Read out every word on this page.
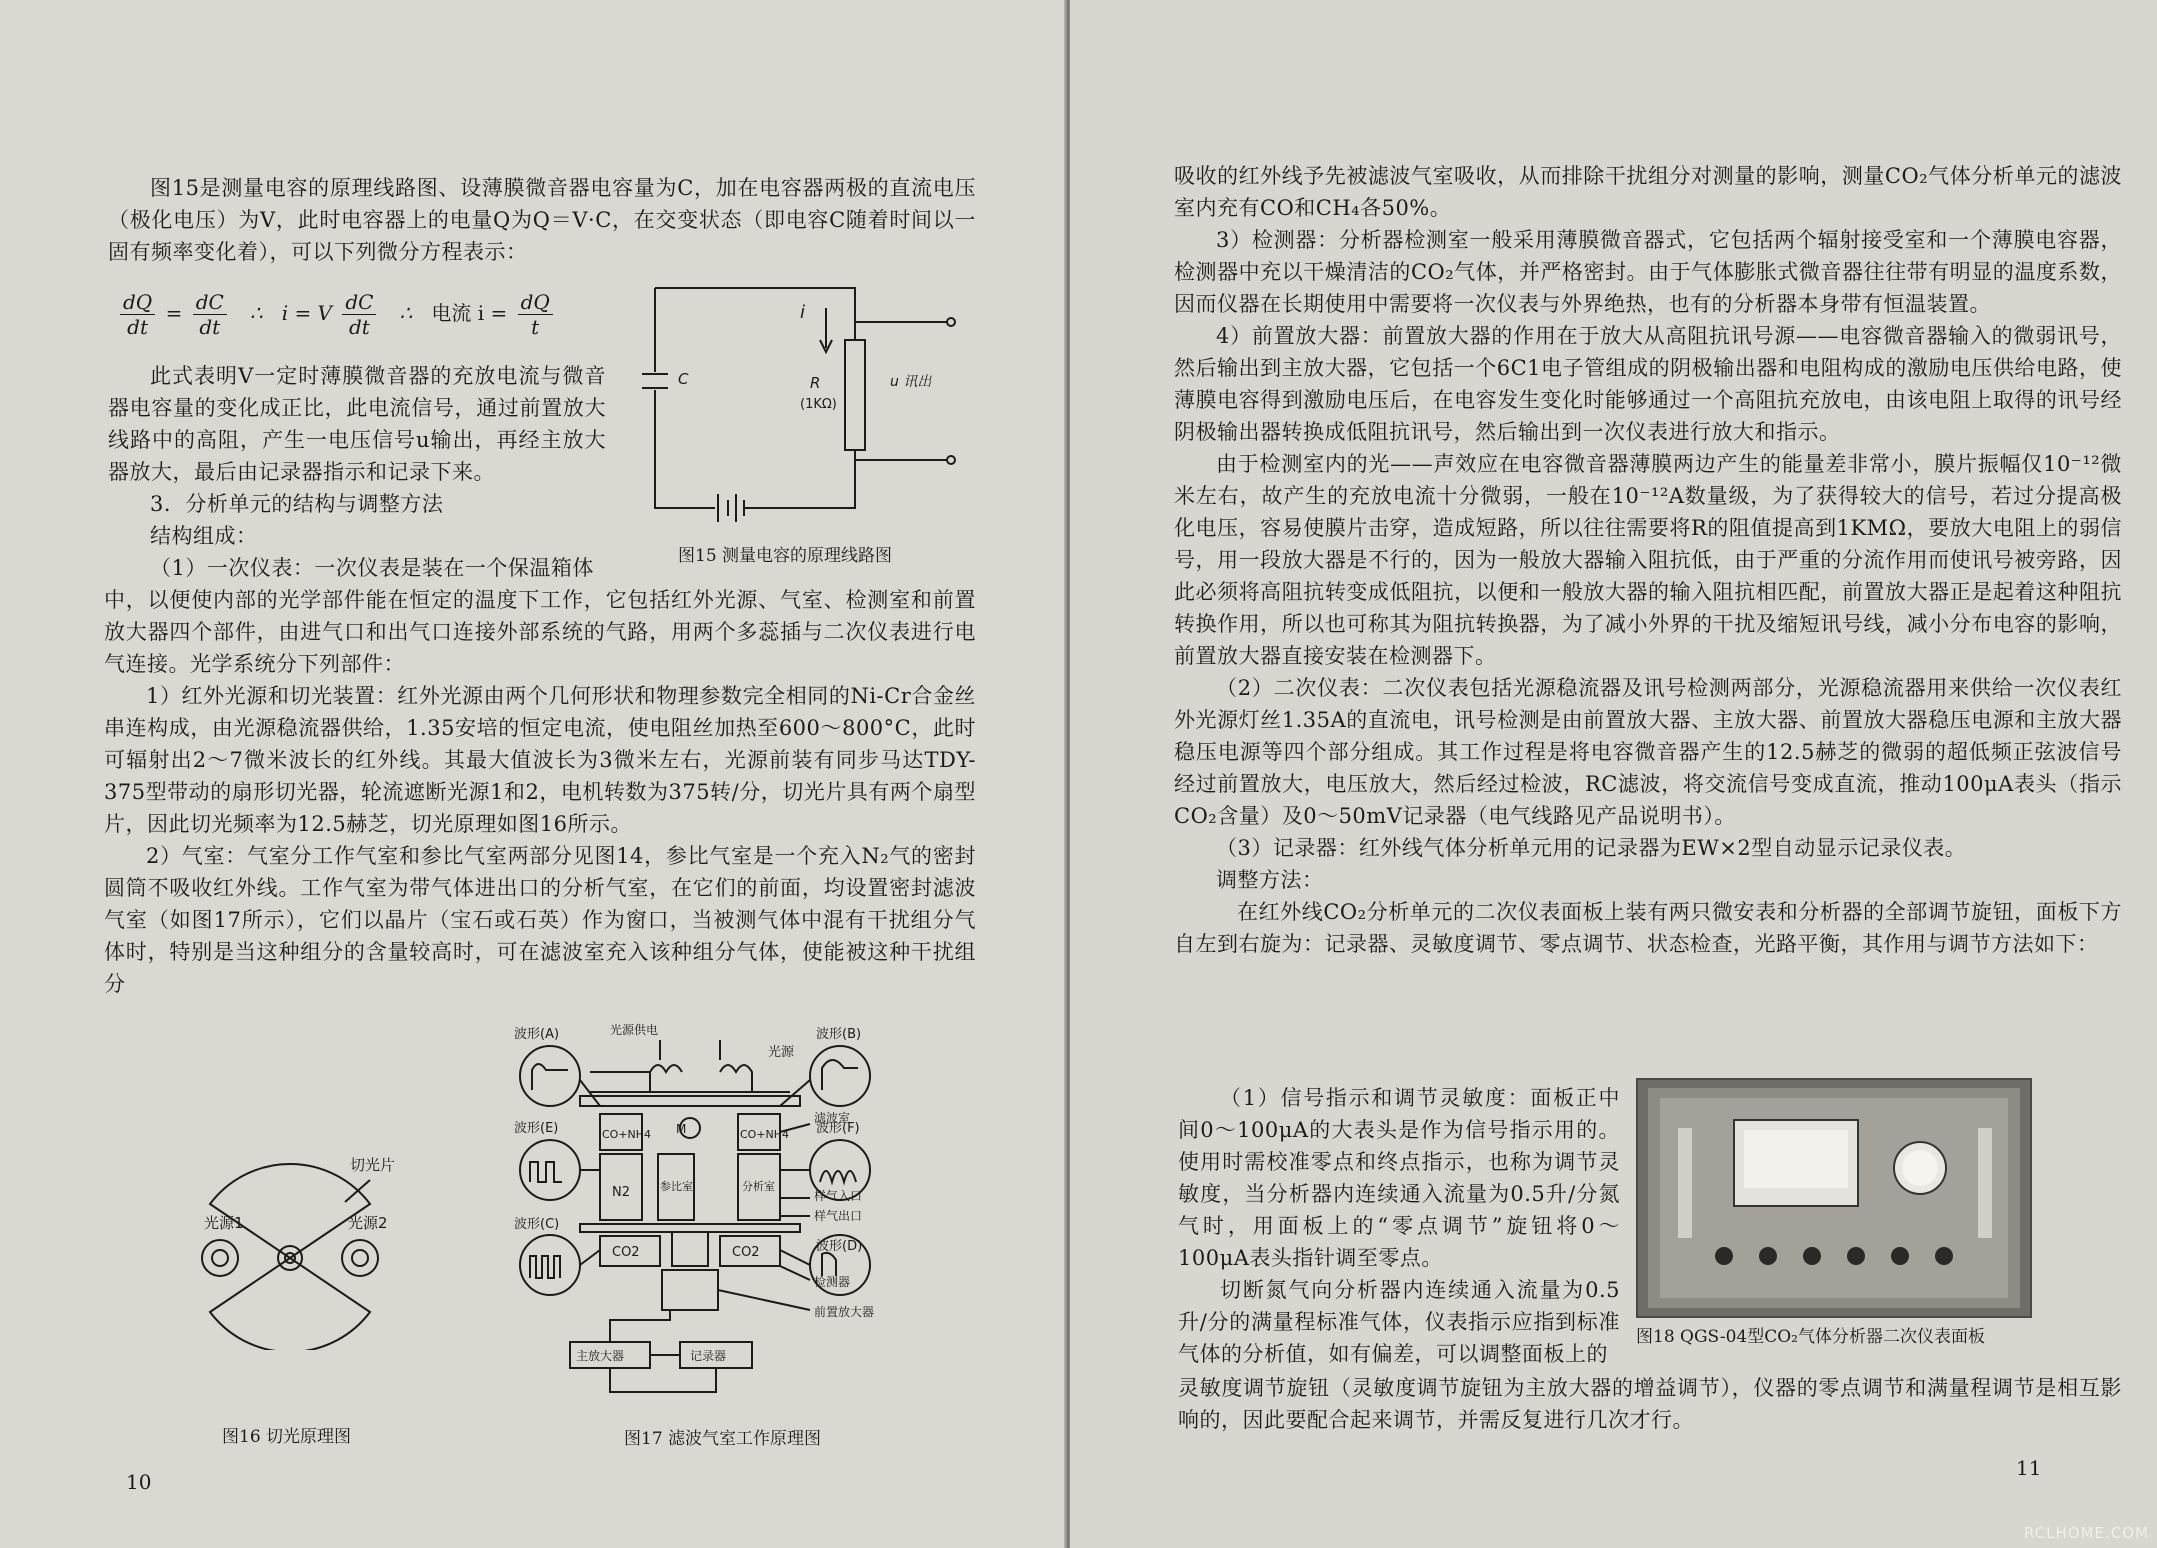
图15是测量电容的原理线路图、设薄膜微音器电容量为C，加在电容器两极的直流电压（极化电压）为V，此时电容器上的电量Q为Q＝V·C，在交变状态（即电容C随着时间以一固有频率变化着），可以下列微分方程表示：

$\frac{dQ}{dt} = \frac{dC}{dt}$ ∴ i = V $\frac{dC}{dt}$ ∴ 电流 $i = \frac{dQ}{t}$

此式表明V一定时薄膜微音器的充放电流与微音器电容量的变化成正比，此电流信号，通过前置放大线路中的高阻，产生一电压信号u输出，再经主放大器放大，最后由记录器指示和记录下来。

3．分析单元的结构与调整方法

结构组成：

（1）一次仪表：一次仪表是装在一个保温箱体

i
C	R
(1KΩ)
u 讯出
图15 测量电容的原理线路图

中，以便使内部的光学部件能在恒定的温度下工作，它包括红外光源、气室、检测室和前置放大器四个部件，由进气口和出气口连接外部系统的气路，用两个多蕊插与二次仪表进行电气连接。光学系统分下列部件：

1）红外光源和切光装置：红外光源由两个几何形状和物理参数完全相同的Ni-Cr合金丝串连构成，由光源稳流器供给，1.35安培的恒定电流，使电阻丝加热至600～800°C，此时可辐射出2～7微米波长的红外线。其最大值波长为3微米左右，光源前装有同步马达TDY-375型带动的扇形切光器，轮流遮断光源1和2，电机转数为375转/分，切光片具有两个扇型片，因此切光频率为12.5赫芝，切光原理如图16所示。

2）气室：气室分工作气室和参比气室两部分见图14，参比气室是一个充入N₂气的密封圆筒不吸收红外线。工作气室为带气体进出口的分析气室，在它们的前面，均设置密封滤波气室（如图17所示），它们以晶片（宝石或石英）作为窗口，当被测气体中混有干扰组分气体时，特别是当这种组分的含量较高时，可在滤波室充入该种组分气体，使能被这种干扰组分

切光片
光源1	光源2
图16 切光原理图
光源供电
光源
波形(A)	波形(B)
波形(E)	波形(F)
波形(C)
波形(D)
M
滤波室
CO+NH4	CO+NH4
参比室	分析室
N2	样气入口
样气出口
CO2	CO2
检测器
前置放大器
主放大器	记录器
图17 滤波气室工作原理图
10

吸收的红外线予先被滤波气室吸收，从而排除干扰组分对测量的影响，测量CO₂气体分析单元的滤波室内充有CO和CH₄各50%。

3）检测器：分析器检测室一般采用薄膜微音器式，它包括两个辐射接受室和一个薄膜电容器，检测器中充以干燥清洁的CO₂气体，并严格密封。由于气体膨胀式微音器往往带有明显的温度系数，因而仪器在长期使用中需要将一次仪表与外界绝热，也有的分析器本身带有恒温装置。

4）前置放大器：前置放大器的作用在于放大从高阻抗讯号源——电容微音器输入的微弱讯号，然后输出到主放大器，它包括一个6C1电子管组成的阴极输出器和电阻构成的激励电压供给电路，使薄膜电容得到激励电压后，在电容发生变化时能够通过一个高阻抗充放电，由该电阻上取得的讯号经阴极输出器转换成低阻抗讯号，然后输出到一次仪表进行放大和指示。

由于检测室内的光——声效应在电容微音器薄膜两边产生的能量差非常小，膜片振幅仅10⁻¹²微米左右，故产生的充放电流十分微弱，一般在10⁻¹²A数量级，为了获得较大的信号，若过分提高极化电压，容易使膜片击穿，造成短路，所以往往需要将R的阻值提高到1KMΩ，要放大电阻上的弱信号，用一段放大器是不行的，因为一般放大器输入阻抗低，由于严重的分流作用而使讯号被旁路，因此必须将高阻抗转变成低阻抗，以便和一般放大器的输入阻抗相匹配，前置放大器正是起着这种阻抗转换作用，所以也可称其为阻抗转换器，为了减小外界的干扰及缩短讯号线，减小分布电容的影响，前置放大器直接安装在检测器下。

（2）二次仪表：二次仪表包括光源稳流器及讯号检测两部分，光源稳流器用来供给一次仪表红外光源灯丝1.35A的直流电，讯号检测是由前置放大器、主放大器、前置放大器稳压电源和主放大器稳压电源等四个部分组成。其工作过程是将电容微音器产生的12.5赫芝的微弱的超低频正弦波信号经过前置放大，电压放大，然后经过检波，RC滤波，将交流信号变成直流，推动100μA表头（指示CO₂含量）及0～50mV记录器（电气线路见产品说明书）。

（3）记录器：红外线气体分析单元用的记录器为EW×2型自动显示记录仪表。

调整方法：

在红外线CO₂分析单元的二次仪表面板上装有两只微安表和分析器的全部调节旋钮，面板下方自左到右旋为：记录器、灵敏度调节、零点调节、状态检查，光路平衡，其作用与调节方法如下：

（1）信号指示和调节灵敏度：面板正中间0～100μA的大表头是作为信号指示用的。使用时需校准零点和终点指示，也称为调节灵敏度，当分析器内连续通入流量为0.5升/分氮气时，用面板上的“零点调节”旋钮将0～100μA表头指针调至零点。

切断氮气向分析器内连续通入流量为0.5升/分的满量程标准气体，仪表指示应指到标准气体的分析值，如有偏差，可以调整面板上的

灵敏度调节旋钮（灵敏度调节旋钮为主放大器的增益调节），仪器的零点调节和满量程调节是相互影响的，因此要配合起来调节，并需反复进行几次才行。

图18 QGS-04型CO₂气体分析器二次仪表面板
11
RCLHOME.COM
